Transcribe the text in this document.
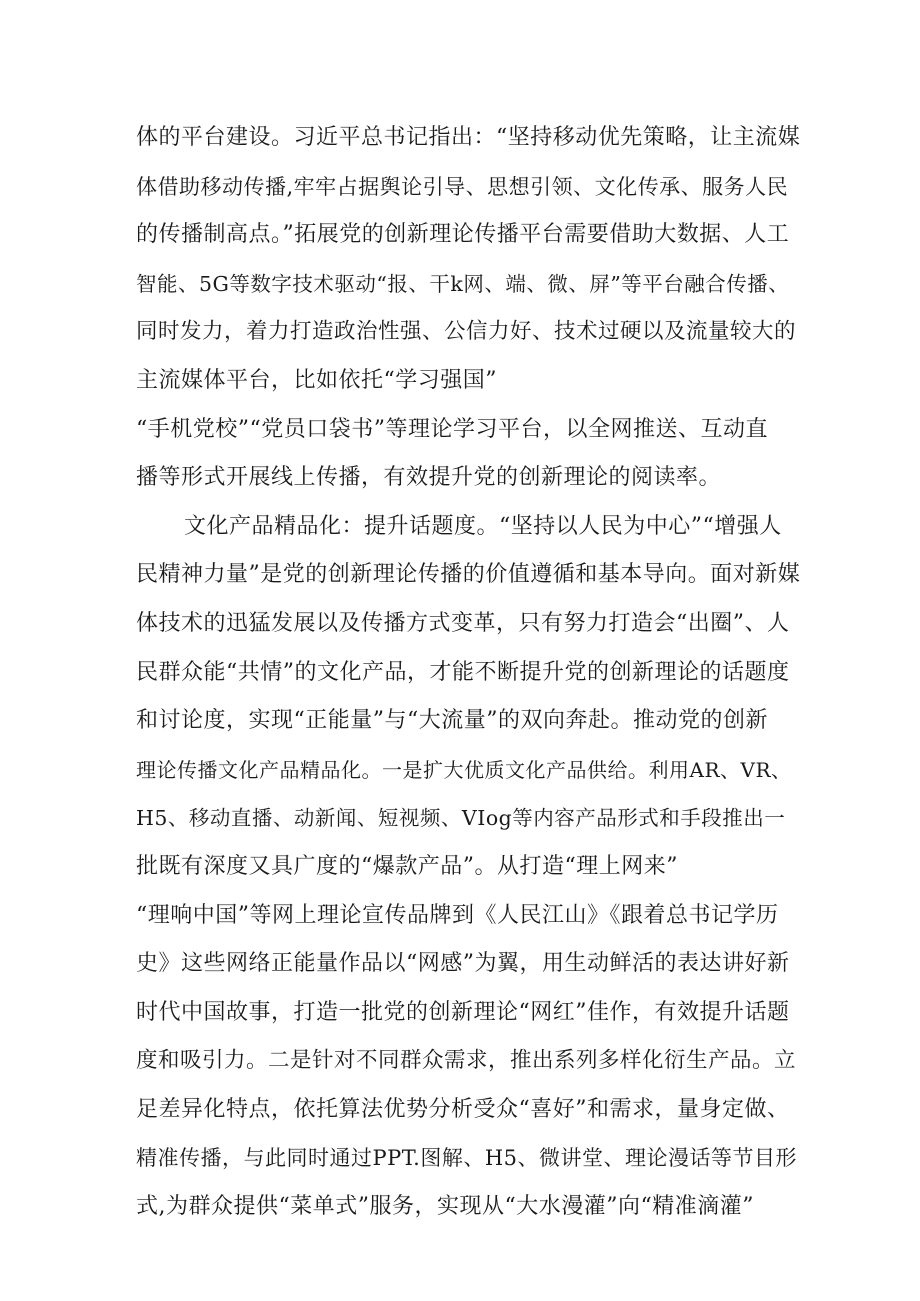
体的平台建设。习近平总书记指出：“坚持移动优先策略，让主流媒
体借助移动传播,牢牢占据舆论引导、思想引领、文化传承、服务人民
的传播制高点。”拓展党的创新理论传播平台需要借助大数据、人工
智能、5G等数字技术驱动“报、干k网、端、微、屏”等平台融合传播、
同时发力，着力打造政治性强、公信力好、技术过硬以及流量较大的
主流媒体平台，比如依托“学习强国”
“手机党校”“党员口袋书”等理论学习平台，以全网推送、互动直
播等形式开展线上传播，有效提升党的创新理论的阅读率。
文化产品精品化：提升话题度。“坚持以人民为中心”“增强人
民精神力量”是党的创新理论传播的价值遵循和基本导向。面对新媒
体技术的迅猛发展以及传播方式变革，只有努力打造会“出圈”、人
民群众能“共情”的文化产品，才能不断提升党的创新理论的话题度
和讨论度，实现“正能量”与“大流量”的双向奔赴。推动党的创新
理论传播文化产品精品化。一是扩大优质文化产品供给。利用AR、VR、
H5、移动直播、动新闻、短视频、VIog等内容产品形式和手段推出一
批既有深度又具广度的“爆款产品”。从打造“理上网来”
“理响中国”等网上理论宣传品牌到《人民江山》《跟着总书记学历
史》这些网络正能量作品以“网感”为翼，用生动鲜活的表达讲好新
时代中国故事，打造一批党的创新理论“网红”佳作，有效提升话题
度和吸引力。二是针对不同群众需求，推出系列多样化衍生产品。立
足差异化特点，依托算法优势分析受众“喜好”和需求，量身定做、
精准传播，与此同时通过PPT.图解、H5、微讲堂、理论漫话等节目形
式,为群众提供“菜单式”服务，实现从“大水漫灌”向“精准滴灌”
